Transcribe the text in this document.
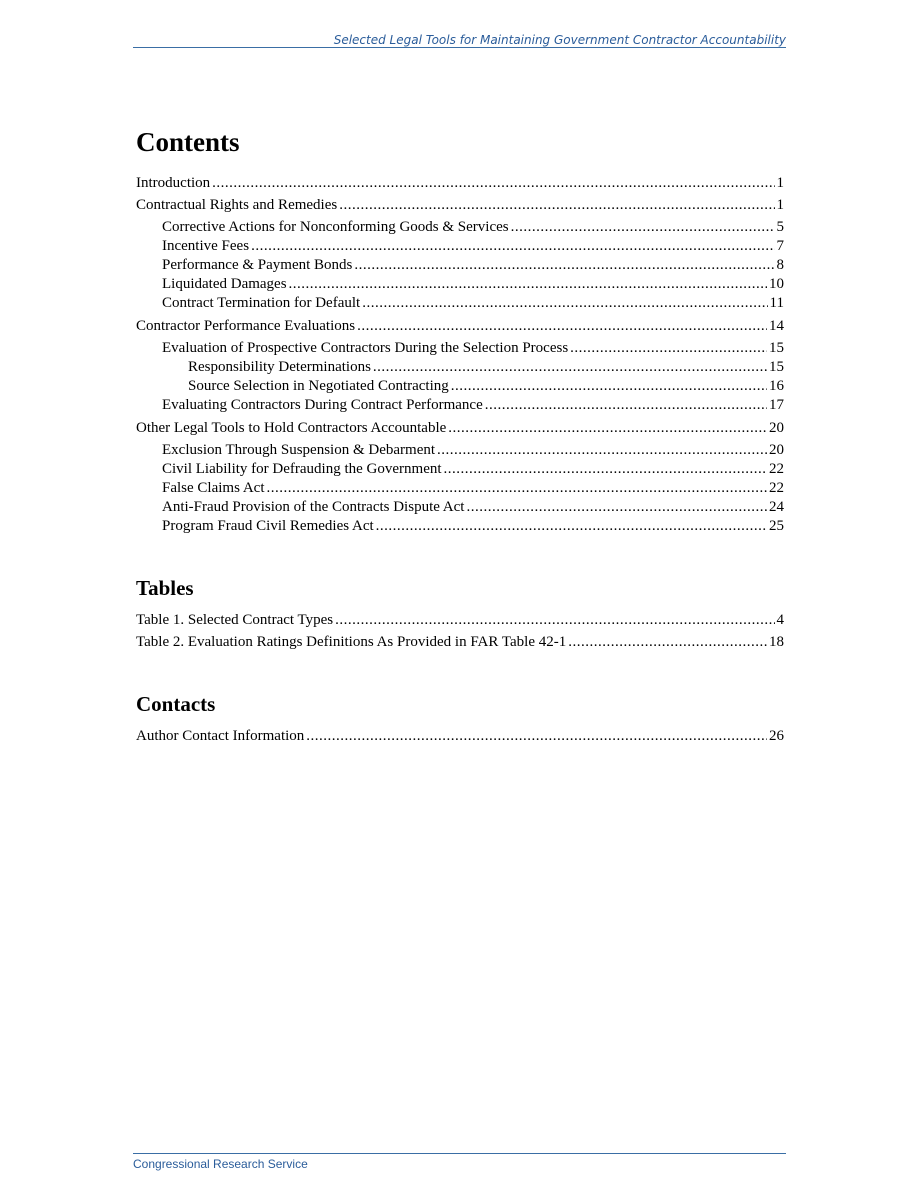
Selected Legal Tools for Maintaining Government Contractor Accountability
Contents
Introduction .....	1
Contractual Rights and Remedies .....	1
Corrective Actions for Nonconforming Goods & Services .....	5
Incentive Fees .....	7
Performance & Payment Bonds .....	8
Liquidated Damages .....	10
Contract Termination for Default .....	11
Contractor Performance Evaluations .....	14
Evaluation of Prospective Contractors During the Selection Process .....	15
Responsibility Determinations .....	15
Source Selection in Negotiated Contracting .....	16
Evaluating Contractors During Contract Performance .....	17
Other Legal Tools to Hold Contractors Accountable .....	20
Exclusion Through Suspension & Debarment .....	20
Civil Liability for Defrauding the Government .....	22
False Claims Act .....	22
Anti-Fraud Provision of the Contracts Dispute Act .....	24
Program Fraud Civil Remedies Act .....	25
Tables
Table 1. Selected Contract Types .....	4
Table 2. Evaluation Ratings Definitions As Provided in FAR Table 42-1 .....	18
Contacts
Author Contact Information .....	26
Congressional Research Service
